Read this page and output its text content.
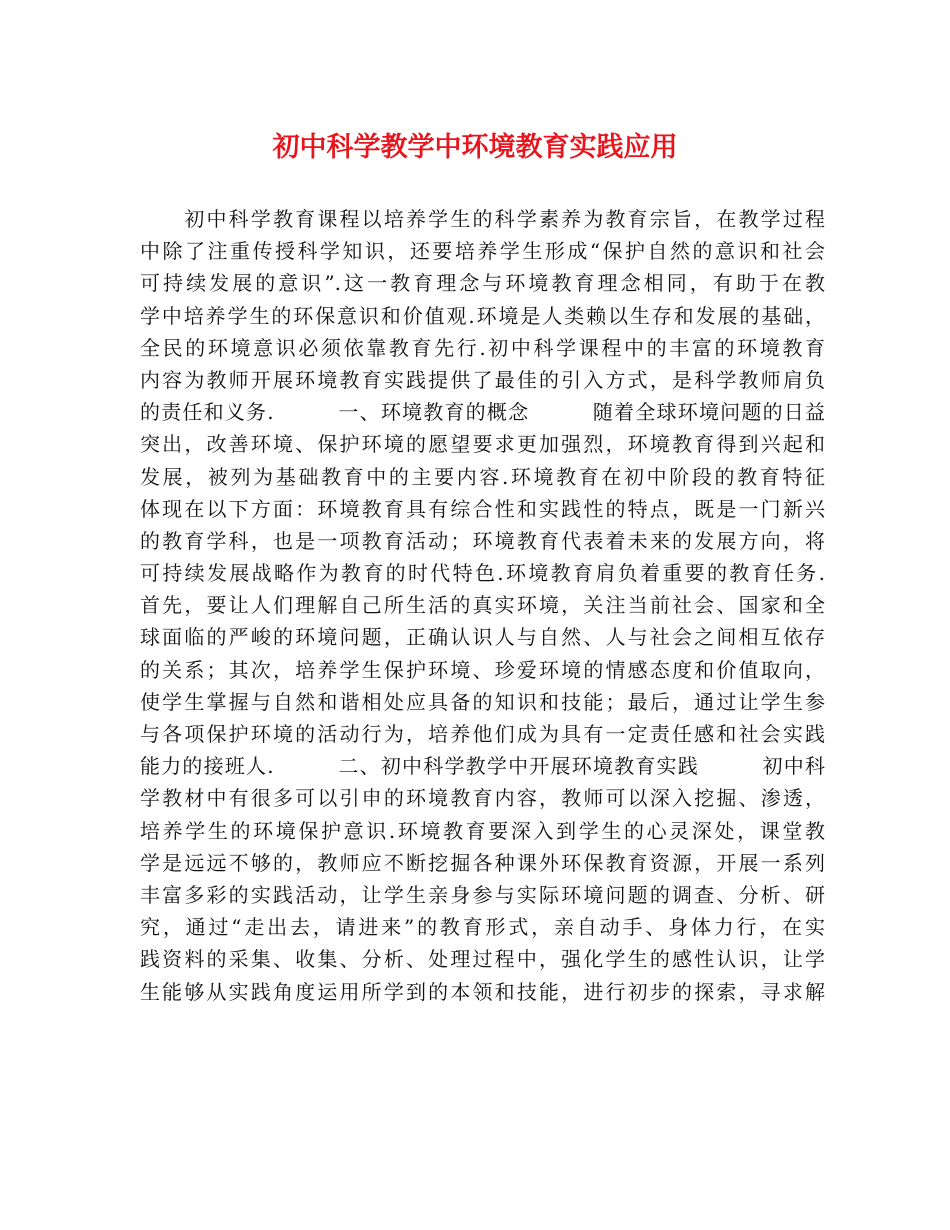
初中科学教学中环境教育实践应用
　　初中科学教育课程以培养学生的科学素养为教育宗旨，在教学过程
中除了注重传授科学知识，还要培养学生形成“保护自然的意识和社会
可持续发展的意识”.这一教育理念与环境教育理念相同，有助于在教
学中培养学生的环保意识和价值观.环境是人类赖以生存和发展的基础，
全民的环境意识必须依靠教育先行.初中科学课程中的丰富的环境教育
内容为教师开展环境教育实践提供了最佳的引入方式，是科学教师肩负
的责任和义务.　　　一、环境教育的概念　　　随着全球环境问题的日益
突出，改善环境、保护环境的愿望要求更加强烈，环境教育得到兴起和
发展，被列为基础教育中的主要内容.环境教育在初中阶段的教育特征
体现在以下方面：环境教育具有综合性和实践性的特点，既是一门新兴
的教育学科，也是一项教育活动；环境教育代表着未来的发展方向，将
可持续发展战略作为教育的时代特色.环境教育肩负着重要的教育任务.
首先，要让人们理解自己所生活的真实环境，关注当前社会、国家和全
球面临的严峻的环境问题，正确认识人与自然、人与社会之间相互依存
的关系；其次，培养学生保护环境、珍爱环境的情感态度和价值取向，
使学生掌握与自然和谐相处应具备的知识和技能；最后，通过让学生参
与各项保护环境的活动行为，培养他们成为具有一定责任感和社会实践
能力的接班人.　　　二、初中科学教学中开展环境教育实践　　　初中科
学教材中有很多可以引申的环境教育内容，教师可以深入挖掘、渗透，
培养学生的环境保护意识.环境教育要深入到学生的心灵深处，课堂教
学是远远不够的，教师应不断挖掘各种课外环保教育资源，开展一系列
丰富多彩的实践活动，让学生亲身参与实际环境问题的调查、分析、研
究，通过“走出去，请进来”的教育形式，亲自动手、身体力行，在实
践资料的采集、收集、分析、处理过程中，强化学生的感性认识，让学
生能够从实践角度运用所学到的本领和技能，进行初步的探索，寻求解
